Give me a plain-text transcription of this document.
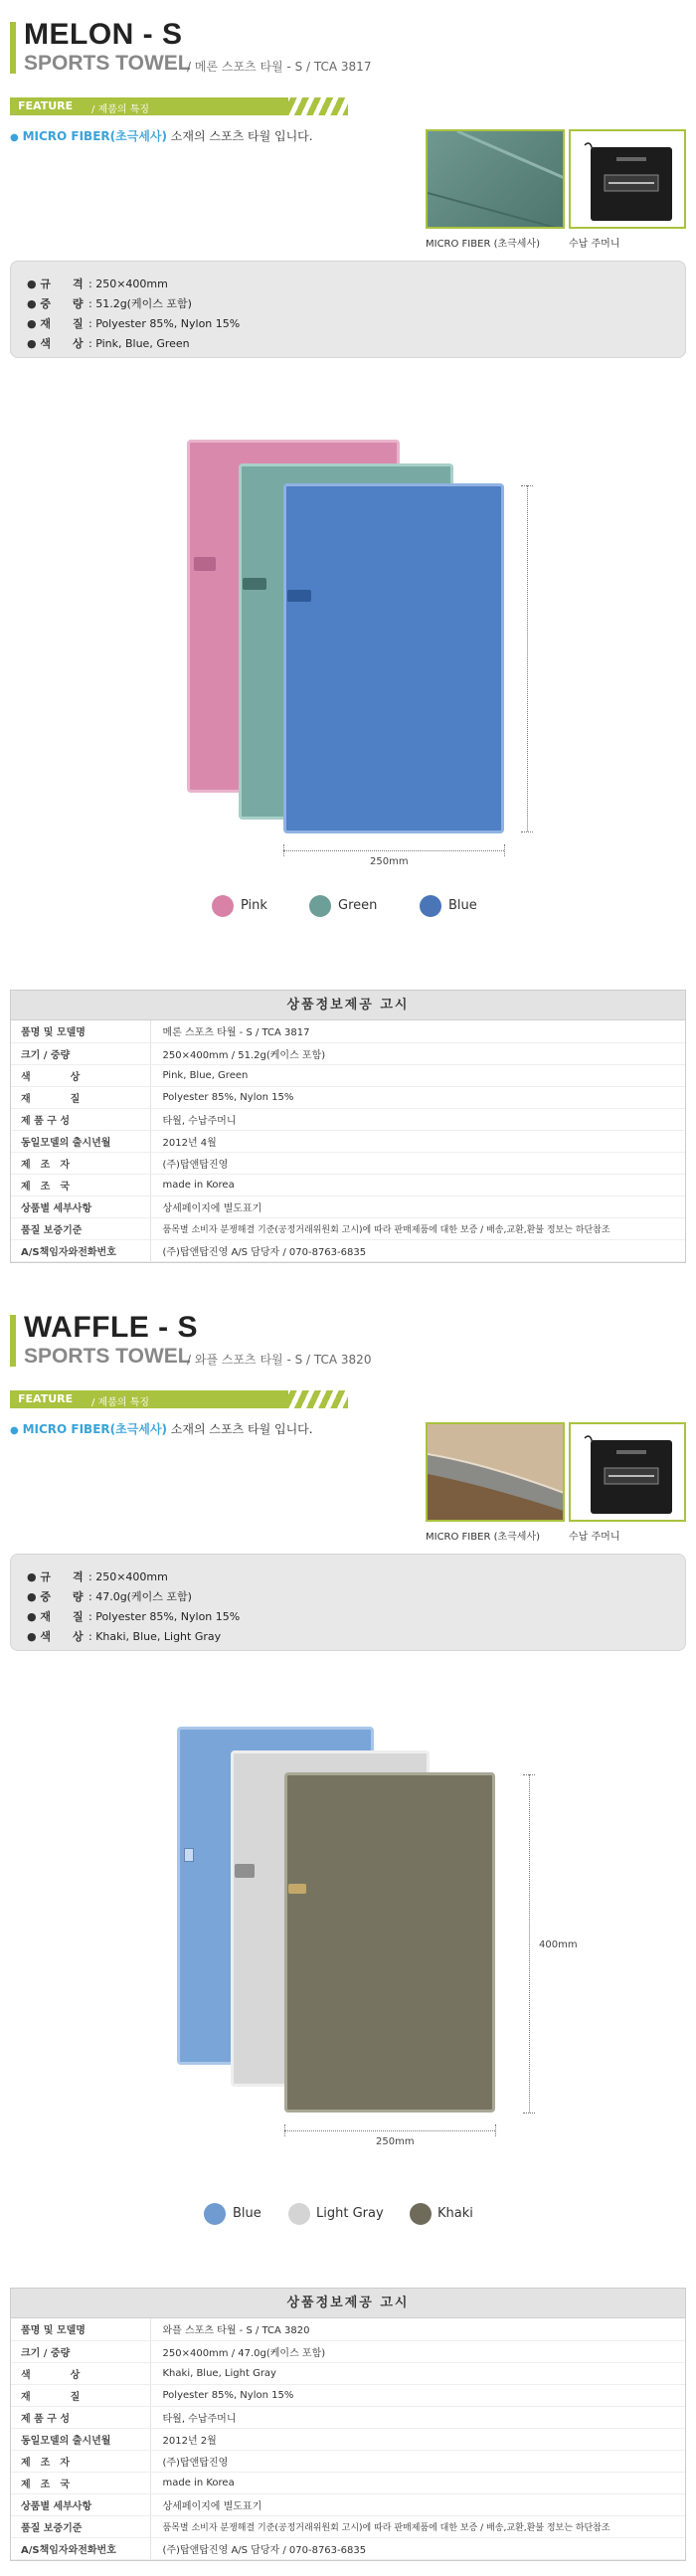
MELON - S
SPORTS TOWEL
/ 메론 스포츠 타월 - S / TCA 3817
FEATURE / 제품의 특징
● MICRO FIBER(초극세사) 소재의 스포츠 타월 입니다.
MICRO FIBER (초극세사)	수납 주머니
● 규　　격 : 250×400mm
● 중　　량 : 51.2g(케이스 포함)
● 재　　질 : Polyester 85%, Nylon 15%
● 색　　상 : Pink, Blue, Green
250mm
Pink	Green	Blue
상품정보제공 고시
품명 및 모델명	메론 스포츠 타월 - S / TCA 3817
크기 / 중량	250×400mm / 51.2g(케이스 포함)
색　　　　상	Pink, Blue, Green
재　　　　질	Polyester 85%, Nylon 15%
제 품 구 성	타월, 수납주머니
동일모델의 출시년월	2012년 4월
제　조　자	(주)탑앤탑진영
제　조　국	made in Korea
상품별 세부사항	상세페이지에 별도표기
품질 보증기준	품목별 소비자 분쟁해결 기준(공정거래위원회 고시)에 따라 판매제품에 대한 보증 / 배송,교환,환불 정보는 하단참조
A/S책임자와전화번호	(주)탑앤탑진영 A/S 담당자 / 070-8763-6835
WAFFLE - S
SPORTS TOWEL
/ 와플 스포츠 타월 - S / TCA 3820
FEATURE / 제품의 특징
● MICRO FIBER(초극세사) 소재의 스포츠 타월 입니다.
MICRO FIBER (초극세사)	수납 주머니
● 규　　격 : 250×400mm
● 중　　량 : 47.0g(케이스 포함)
● 재　　질 : Polyester 85%, Nylon 15%
● 색　　상 : Khaki, Blue, Light Gray
400mm
250mm
Blue	Light Gray	Khaki
상품정보제공 고시
품명 및 모델명	와플 스포츠 타월 - S / TCA 3820
크기 / 중량	250×400mm / 47.0g(케이스 포함)
색　　　　상	Khaki, Blue, Light Gray
재　　　　질	Polyester 85%, Nylon 15%
제 품 구 성	타월, 수납주머니
동일모델의 출시년월	2012년 2월
제　조　자	(주)탑앤탑진영
제　조　국	made in Korea
상품별 세부사항	상세페이지에 별도표기
품질 보증기준	품목별 소비자 분쟁해결 기준(공정거래위원회 고시)에 따라 판매제품에 대한 보증 / 배송,교환,환불 정보는 하단참조
A/S책임자와전화번호	(주)탑앤탑진영 A/S 담당자 / 070-8763-6835
